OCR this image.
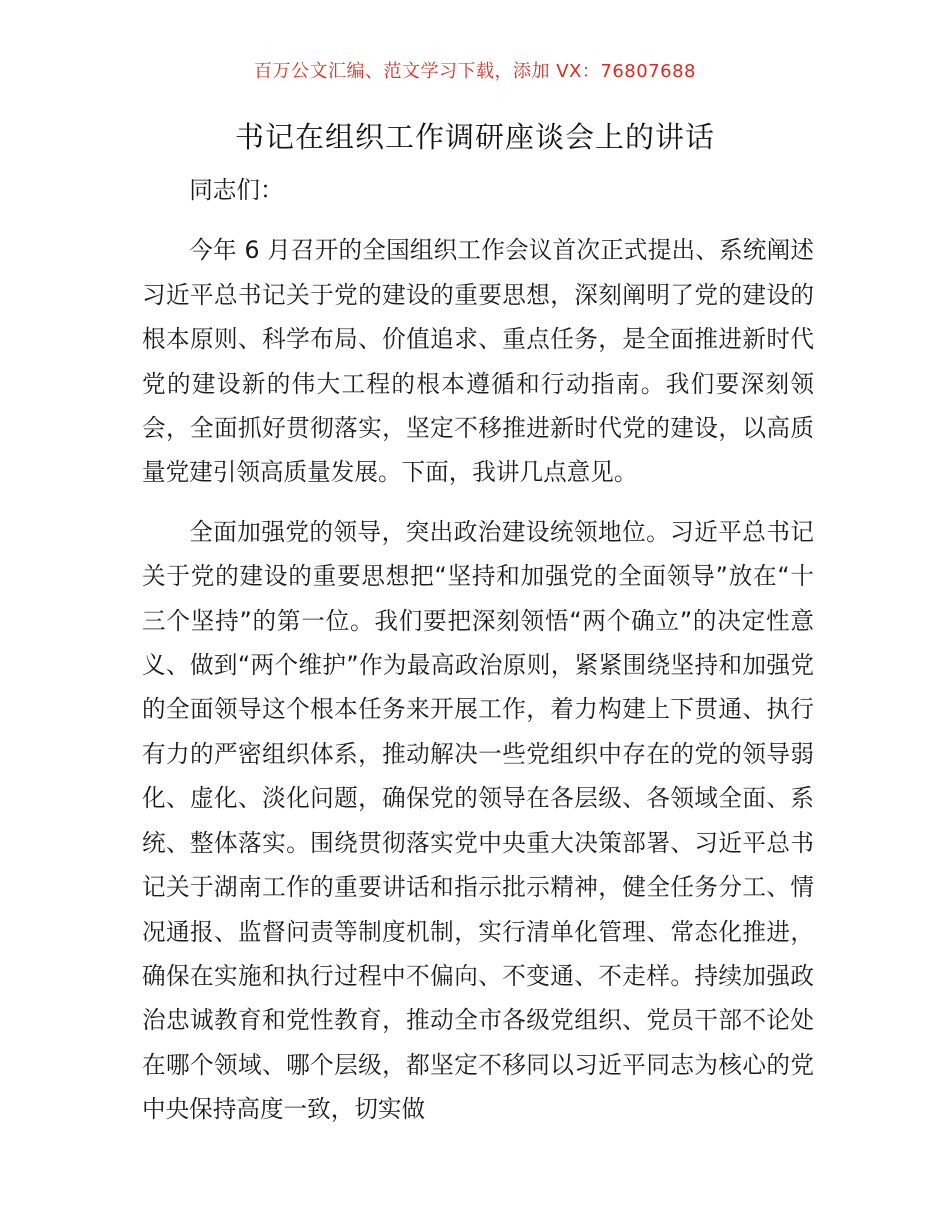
百万公文汇编、范文学习下载，添加 VX：76807688
书记在组织工作调研座谈会上的讲话

同志们：

今年 6 月召开的全国组织工作会议首次正式提出、系统阐述习近平总书记关于党的建设的重要思想，深刻阐明了党的建设的根本原则、科学布局、价值追求、重点任务，是全面推进新时代党的建设新的伟大工程的根本遵循和行动指南。我们要深刻领会，全面抓好贯彻落实，坚定不移推进新时代党的建设，以高质量党建引领高质量发展。下面，我讲几点意见。

全面加强党的领导，突出政治建设统领地位。习近平总书记关于党的建设的重要思想把“坚持和加强党的全面领导”放在“十三个坚持”的第一位。我们要把深刻领悟“两个确立”的决定性意义、做到“两个维护”作为最高政治原则，紧紧围绕坚持和加强党的全面领导这个根本任务来开展工作，着力构建上下贯通、执行有力的严密组织体系，推动解决一些党组织中存在的党的领导弱化、虚化、淡化问题，确保党的领导在各层级、各领域全面、系统、整体落实。围绕贯彻落实党中央重大决策部署、习近平总书记关于湖南工作的重要讲话和指示批示精神，健全任务分工、情况通报、监督问责等制度机制，实行清单化管理、常态化推进，确保在实施和执行过程中不偏向、不变通、不走样。持续加强政治忠诚教育和党性教育，推动全市各级党组织、党员干部不论处在哪个领域、哪个层级，都坚定不移同以习近平同志为核心的党中央保持高度一致，切实做
